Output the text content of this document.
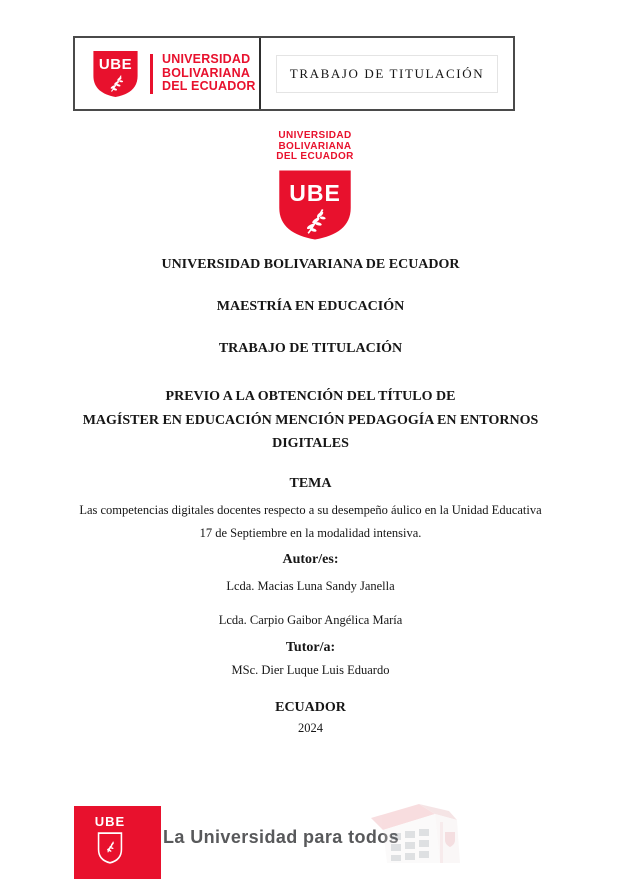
UBE	UNIVERSIDAD
BOLIVARIANA
DEL ECUADOR
TRABAJO DE TITULACIÓN
UNIVERSIDAD
BOLIVARIANA
DEL ECUADOR
UBE
UNIVERSIDAD BOLIVARIANA DE ECUADOR
MAESTRÍA EN EDUCACIÓN
TRABAJO DE TITULACIÓN
PREVIO A LA OBTENCIÓN DEL TÍTULO DE
MAGÍSTER EN EDUCACIÓN MENCIÓN PEDAGOGÍA EN ENTORNOS
DIGITALES
TEMA
Las competencias digitales docentes respecto a su desempeño áulico en la Unidad Educativa
17 de Septiembre en la modalidad intensiva.
Autor/es:
Lcda. Macias Luna Sandy Janella
Lcda. Carpio Gaibor Angélica María
Tutor/a:
MSc. Dier Luque Luis Eduardo
ECUADOR
2024
UBE
La Universidad para todos
